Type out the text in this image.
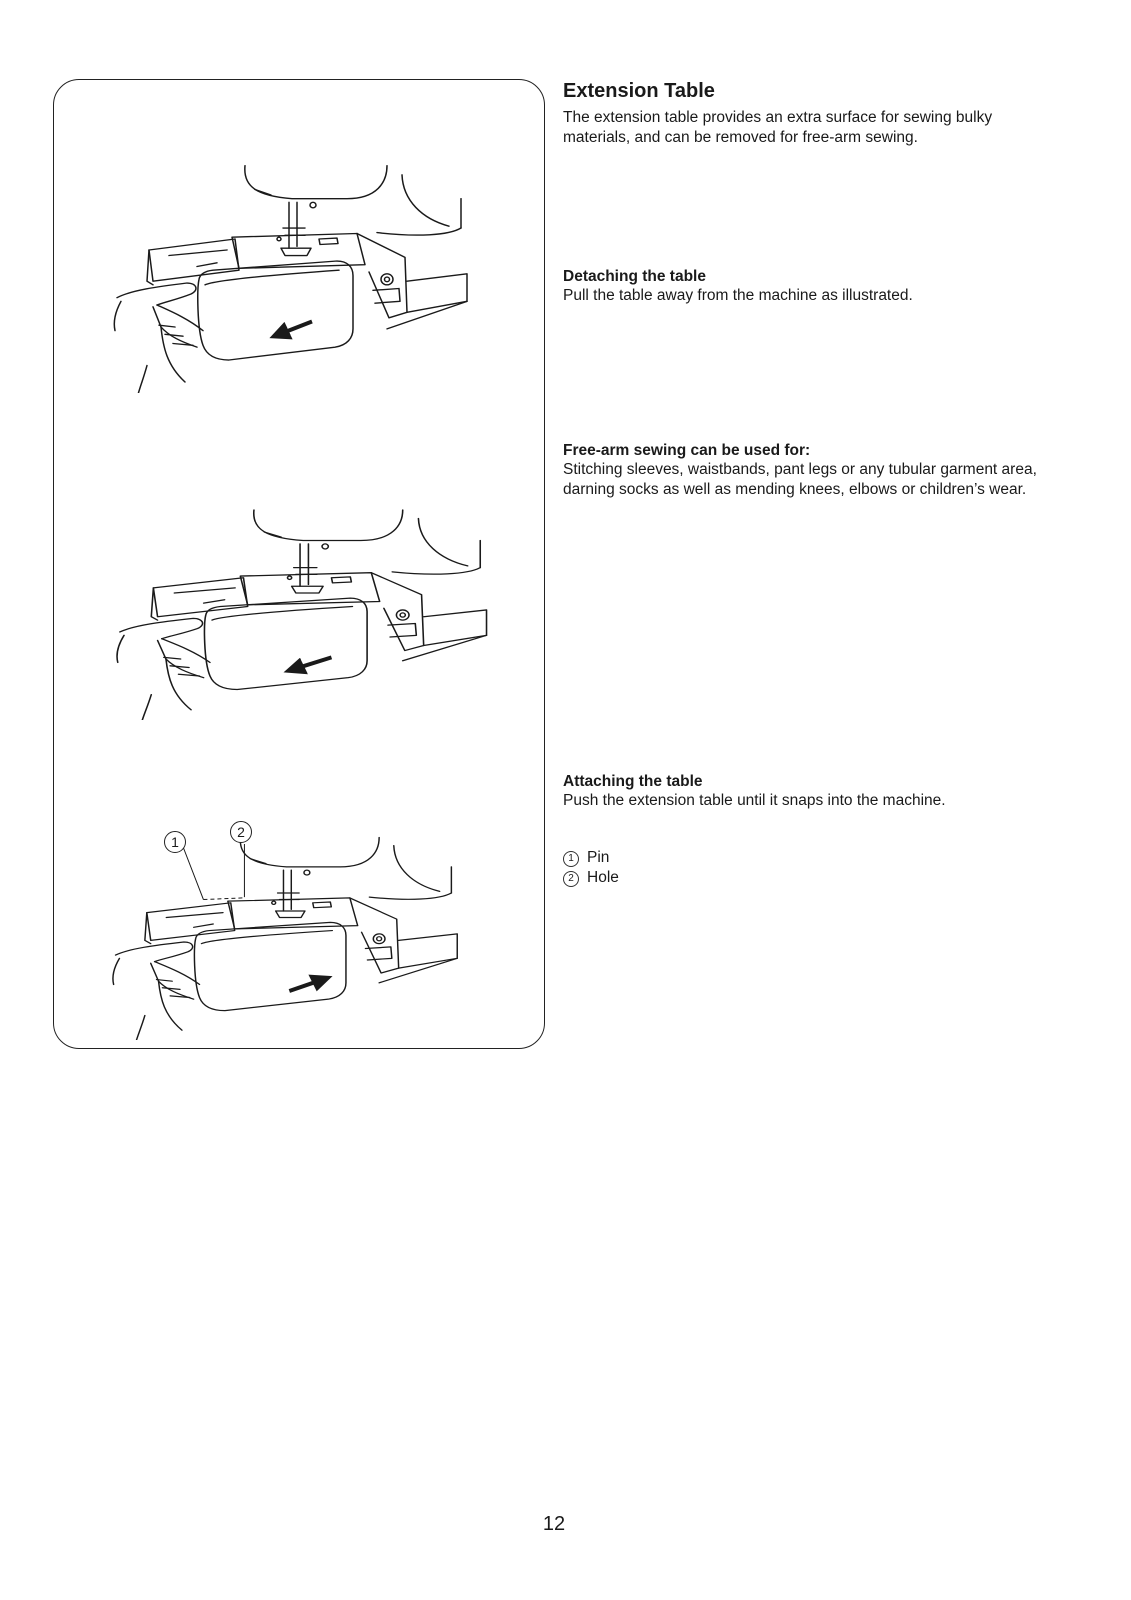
1
2
Extension Table

The extension table provides an extra surface for sewing bulky materials, and can be removed for free-arm sewing.

Detaching the table

Pull the table away from the machine as illustrated.

Free-arm sewing can be used for:

Stitching sleeves, waistbands, pant legs or any tubular garment area, darning socks as well as mending knees, elbows or children’s wear.

Attaching the table

Push the extension table until it snaps into the machine.

1 Pin
2 Hole
12
